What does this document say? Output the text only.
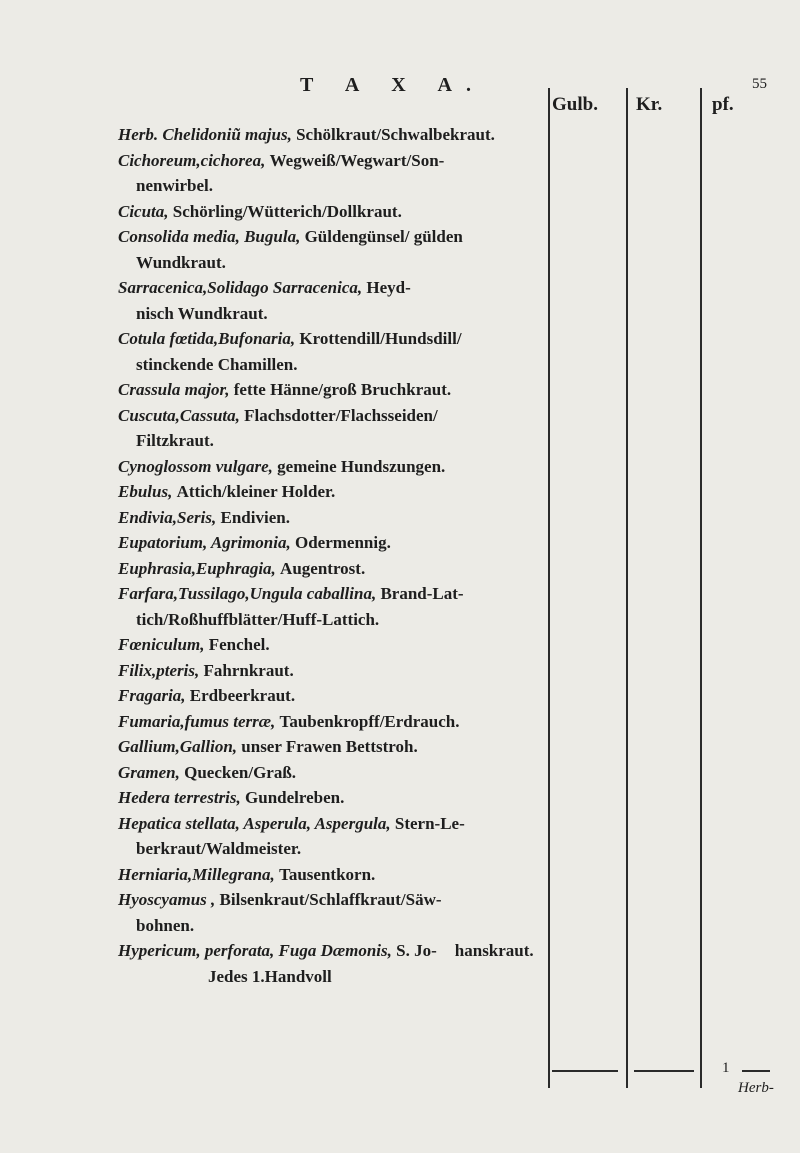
T A X A.	55
Gulb. Kr.	pf.
Herb. Chelidoniũ majus, Schölkraut/Schwalbekraut.
Cichoreum,cichorea, Wegweiß/Wegwart/Son-
nenwirbel.
Cicuta, Schörling/Wütterich/Dollkraut.
Consolida media, Bugula, Güldengünsel/ gülden
Wundkraut.
Sarracenica,Solidago Sarracenica, Heyd-
nisch Wundkraut.
Cotula fœtida,Bufonaria, Krottendill/Hundsdill/
stinckende Chamillen.
Crassula major, fette Hänne/groß Bruchkraut.
Cuscuta,Cassuta, Flachsdotter/Flachsseiden/
Filtzkraut.
Cynoglossom vulgare, gemeine Hundszungen.
Ebulus, Attich/kleiner Holder.
Endivia,Seris, Endivien.
Eupatorium, Agrimonia, Odermennig.
Euphrasia,Euphragia, Augentrost.
Farfara,Tussilago,Ungula caballina, Brand-Lat-
tich/Roßhuffblätter/Huff-Lattich.
Fœniculum, Fenchel.
Filix,pteris, Fahrnkraut.
Fragaria, Erdbeerkraut.
Fumaria,fumus terræ, Taubenkropff/Erdrauch.
Gallium,Gallion, unser Frawen Bettstroh.
Gramen, Quecken/Graß.
Hedera terrestris, Gundelreben.
Hepatica stellata, Asperula, Aspergula, Stern-Le-
berkraut/Waldmeister.
Herniaria,Millegrana, Tausentkorn.
Hyoscyamus , Bilsenkraut/Schlaffkraut/Säw-
bohnen.
Hypericum, perforata, Fuga Dæmonis, S. Jo- hanskraut.Jedes 1.Handvoll
1
Herb-
